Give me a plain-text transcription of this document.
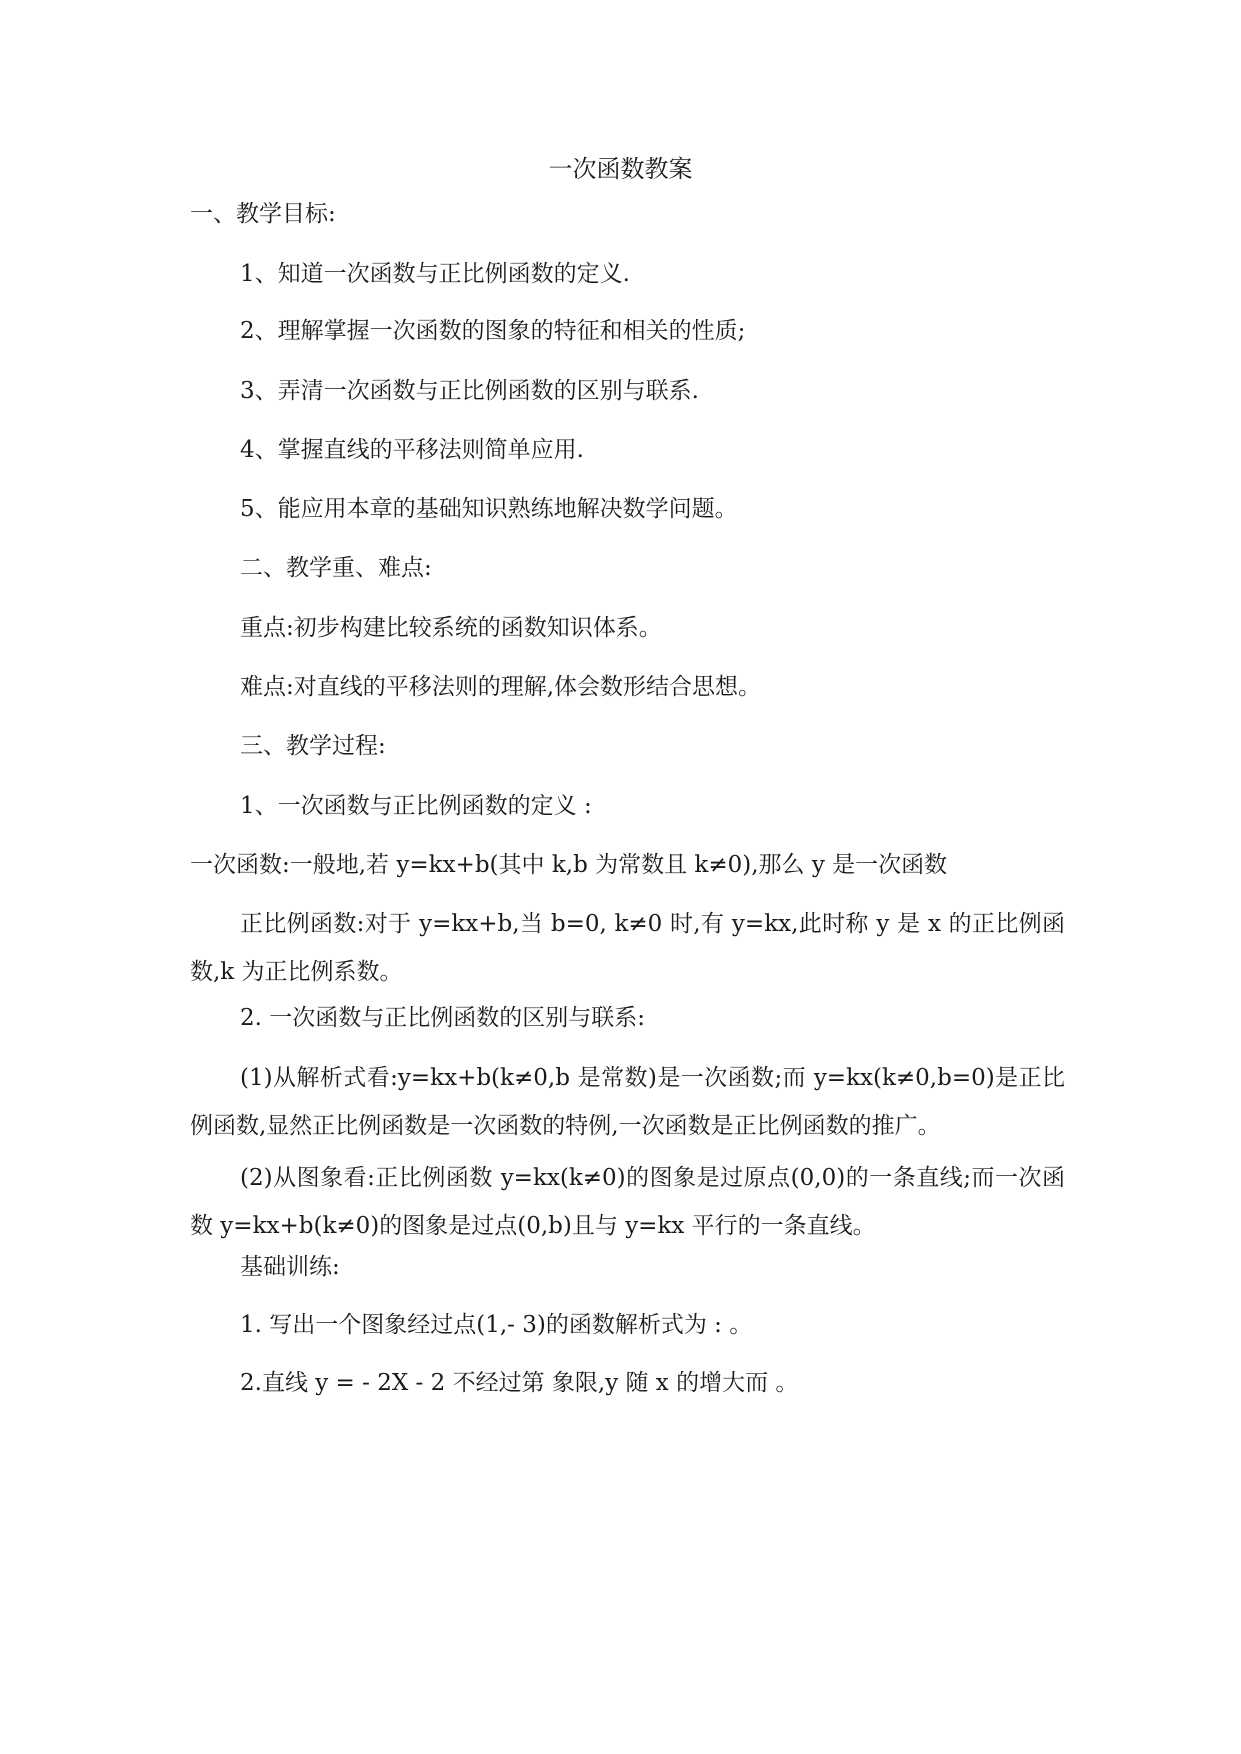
一次函数教案
一、教学目标:
1、知道一次函数与正比例函数的定义.
2、理解掌握一次函数的图象的特征和相关的性质;
3、弄清一次函数与正比例函数的区别与联系.
4、掌握直线的平移法则简单应用.
5、能应用本章的基础知识熟练地解决数学问题。
二、教学重、难点:
重点:初步构建比较系统的函数知识体系。
难点:对直线的平移法则的理解,体会数形结合思想。
三、教学过程:
1、一次函数与正比例函数的定义 :
一次函数:一般地,若 y=kx+b(其中 k,b 为常数且 k≠0),那么 y 是一次函数
正比例函数:对于 y=kx+b,当 b=0, k≠0 时,有 y=kx,此时称 y 是 x 的正比例函数,k 为正比例系数。
2. 一次函数与正比例函数的区别与联系:
(1)从解析式看:y=kx+b(k≠0,b 是常数)是一次函数;而 y=kx(k≠0,b=0)是正比例函数,显然正比例函数是一次函数的特例,一次函数是正比例函数的推广。
(2)从图象看:正比例函数 y=kx(k≠0)的图象是过原点(0,0)的一条直线;而一次函数 y=kx+b(k≠0)的图象是过点(0,b)且与 y=kx 平行的一条直线。
基础训练:
1. 写出一个图象经过点(1,- 3)的函数解析式为 : 。
2.直线 y = - 2X - 2 不经过第 象限,y 随 x 的增大而 。
